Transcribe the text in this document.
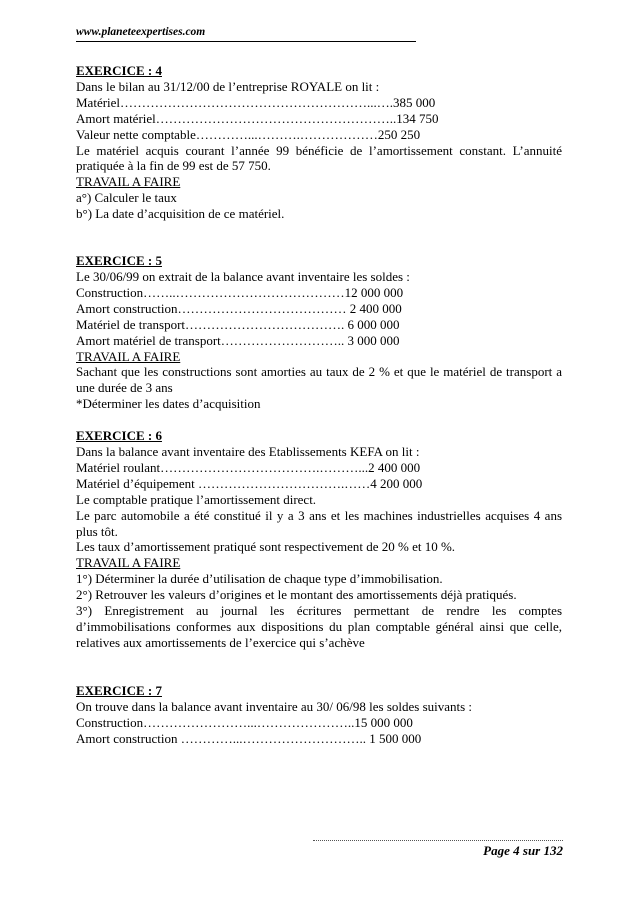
www.planeteexpertises.com
EXERCICE : 4
Dans le bilan au 31/12/00 de l’entreprise ROYALE on lit :
Matériel…………………………………………………...….385 000
Amort matériel………………………………………………..134 750
Valeur nette comptable…………...……….………………250 250
Le matériel acquis courant l’année 99 bénéficie de l’amortissement constant. L’annuité pratiquée à la fin de 99 est de 57 750.
TRAVAIL A FAIRE
a°) Calculer le taux
b°) La date d’acquisition de ce matériel.
EXERCICE : 5
Le 30/06/99 on extrait de la balance avant inventaire les soldes :
Construction……..…………………………………12 000 000
Amort construction………………………………… 2 400 000
Matériel de transport………………………………. 6 000 000
Amort matériel de transport……………………….. 3 000 000
TRAVAIL A FAIRE
Sachant que les constructions sont amorties au taux de 2 % et que le matériel de transport a une durée de 3 ans
*Déterminer les dates d’acquisition
EXERCICE : 6
Dans la balance avant inventaire des Etablissements KEFA on lit :
Matériel roulant……………………………….………...2 400 000
Matériel d’équipement …………………………….……4 200 000
Le comptable pratique l’amortissement direct.
Le parc automobile a été constitué il y a 3 ans et les machines industrielles acquises 4 ans plus tôt.
Les taux d’amortissement pratiqué sont respectivement de 20 % et 10 %.
TRAVAIL A FAIRE
1°) Déterminer la durée d’utilisation de chaque type d’immobilisation.
2°) Retrouver les valeurs d’origines et le montant des amortissements déjà pratiqués.
3°) Enregistrement au journal les écritures permettant de rendre les comptes d’immobilisations conformes aux dispositions du plan comptable général ainsi que celle, relatives aux amortissements de l’exercice qui s’achève
EXERCICE : 7
On trouve dans la balance avant inventaire au 30/ 06/98 les soldes suivants :
Construction……………………...…………………..15 000 000
Amort construction …………...……………………….. 1 500 000
Page 4 sur 132
